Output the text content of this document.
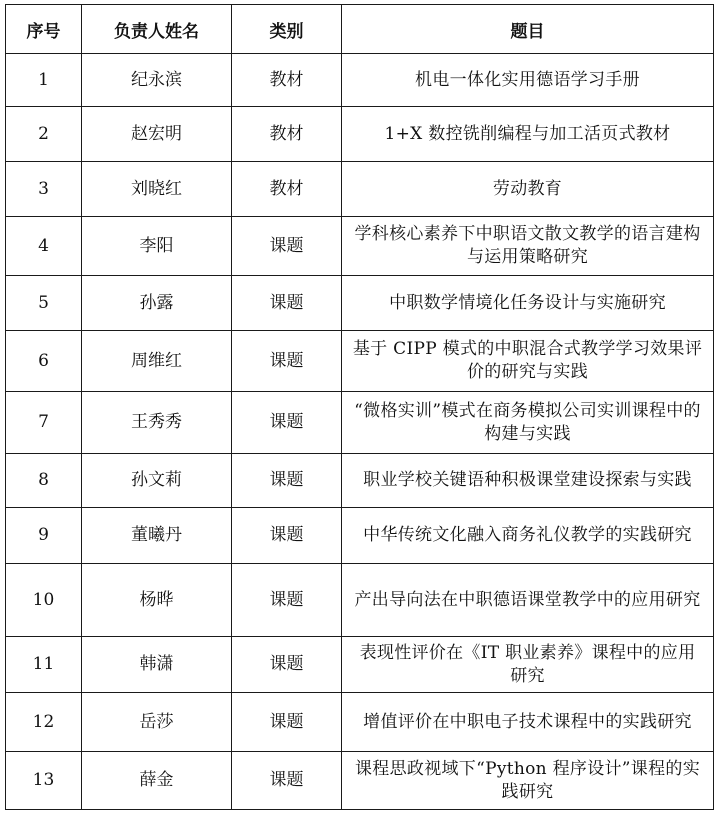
序号	负责人姓名	类别	题目
1	纪永滨	教材	机电一体化实用德语学习手册
2	赵宏明	教材	1+X 数控铣削编程与加工活页式教材
3	刘晓红	教材	劳动教育
4	李阳	课题	学科核心素养下中职语文散文教学的语言建构与运用策略研究
5	孙露	课题	中职数学情境化任务设计与实施研究
6	周维红	课题	基于 CIPP 模式的中职混合式教学学习效果评价的研究与实践
7	王秀秀	课题	“微格实训”模式在商务模拟公司实训课程中的构建与实践
8	孙文莉	课题	职业学校关键语种积极课堂建设探索与实践
9	董曦丹	课题	中华传统文化融入商务礼仪教学的实践研究
10	杨晔	课题	产出导向法在中职德语课堂教学中的应用研究
11	韩潇	课题	表现性评价在《IT 职业素养》课程中的应用研究
12	岳莎	课题	增值评价在中职电子技术课程中的实践研究
13	薛金	课题	课程思政视域下“Python 程序设计”课程的实践研究
